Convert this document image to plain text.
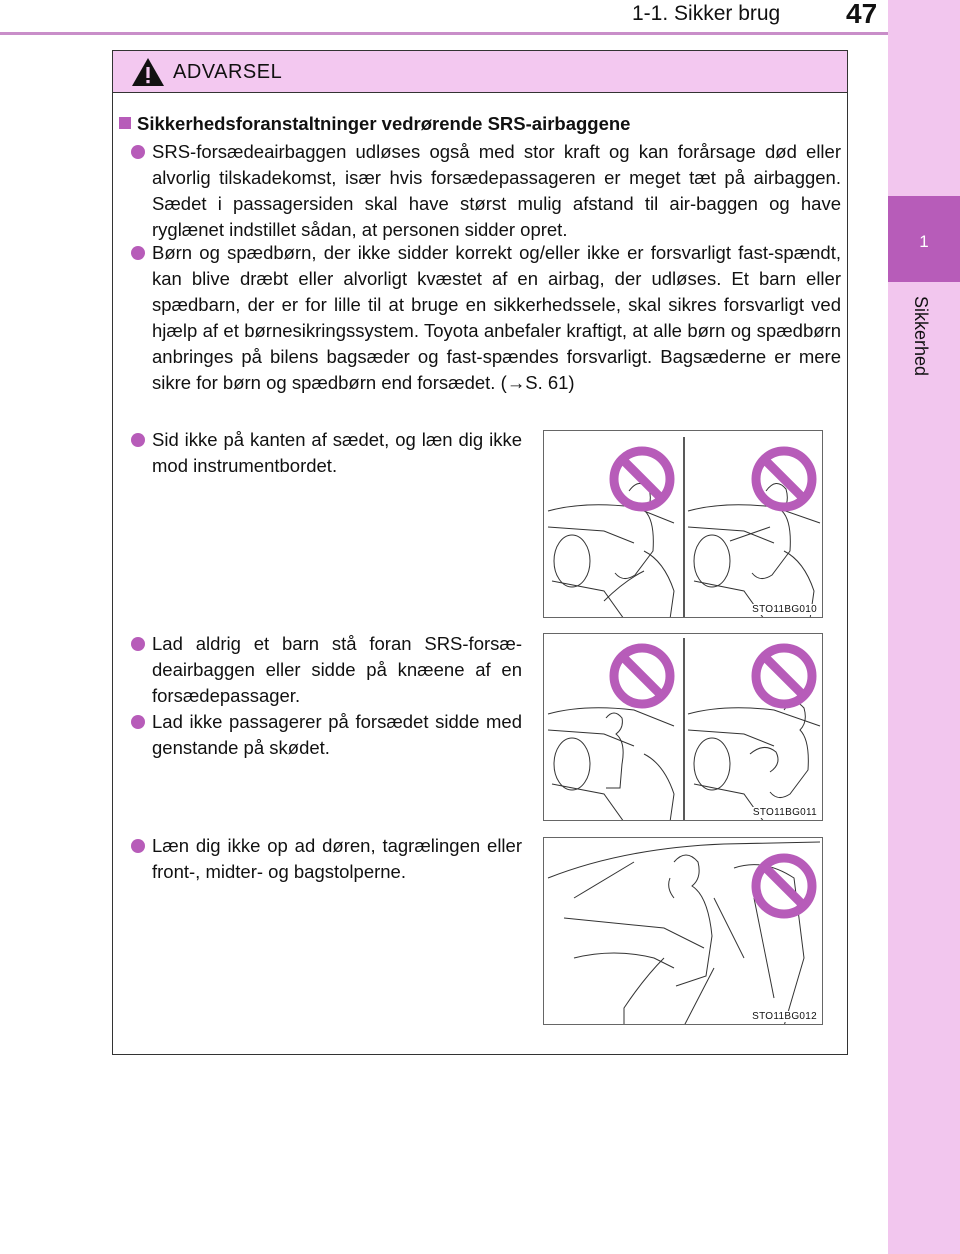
1-1. Sikker brug 47
1
Sikkerhed
ADVARSEL
Sikkerhedsforanstaltninger vedrørende SRS-airbaggene
SRS-forsædeairbaggen udløses også med stor kraft og kan forårsage død eller alvorlig tilskadekomst, især hvis forsædepassageren er meget tæt på airbaggen. Sædet i passagersiden skal have størst mulig afstand til air-baggen og have ryglænet indstillet sådan, at personen sidder opret.
Børn og spædbørn, der ikke sidder korrekt og/eller ikke er forsvarligt fast-spændt, kan blive dræbt eller alvorligt kvæstet af en airbag, der udløses. Et barn eller spædbarn, der er for lille til at bruge en sikkerhedssele, skal sikres forsvarligt ved hjælp af et børnesikringssystem. Toyota anbefaler kraftigt, at alle børn og spædbørn anbringes på bilens bagsæder og fast-spændes forsvarligt. Bagsæderne er mere sikre for børn og spædbørn end forsædet. (→S. 61)
Sid ikke på kanten af sædet, og læn dig ikke mod instrumentbordet.
Lad aldrig et barn stå foran SRS-forsæ-deairbaggen eller sidde på knæene af en forsædepassager.
Lad ikke passagerer på forsædet sidde med genstande på skødet.
Læn dig ikke op ad døren, tagrælingen eller front-, midter- og bagstolperne.
STO11BG010
STO11BG011
STO11BG012
